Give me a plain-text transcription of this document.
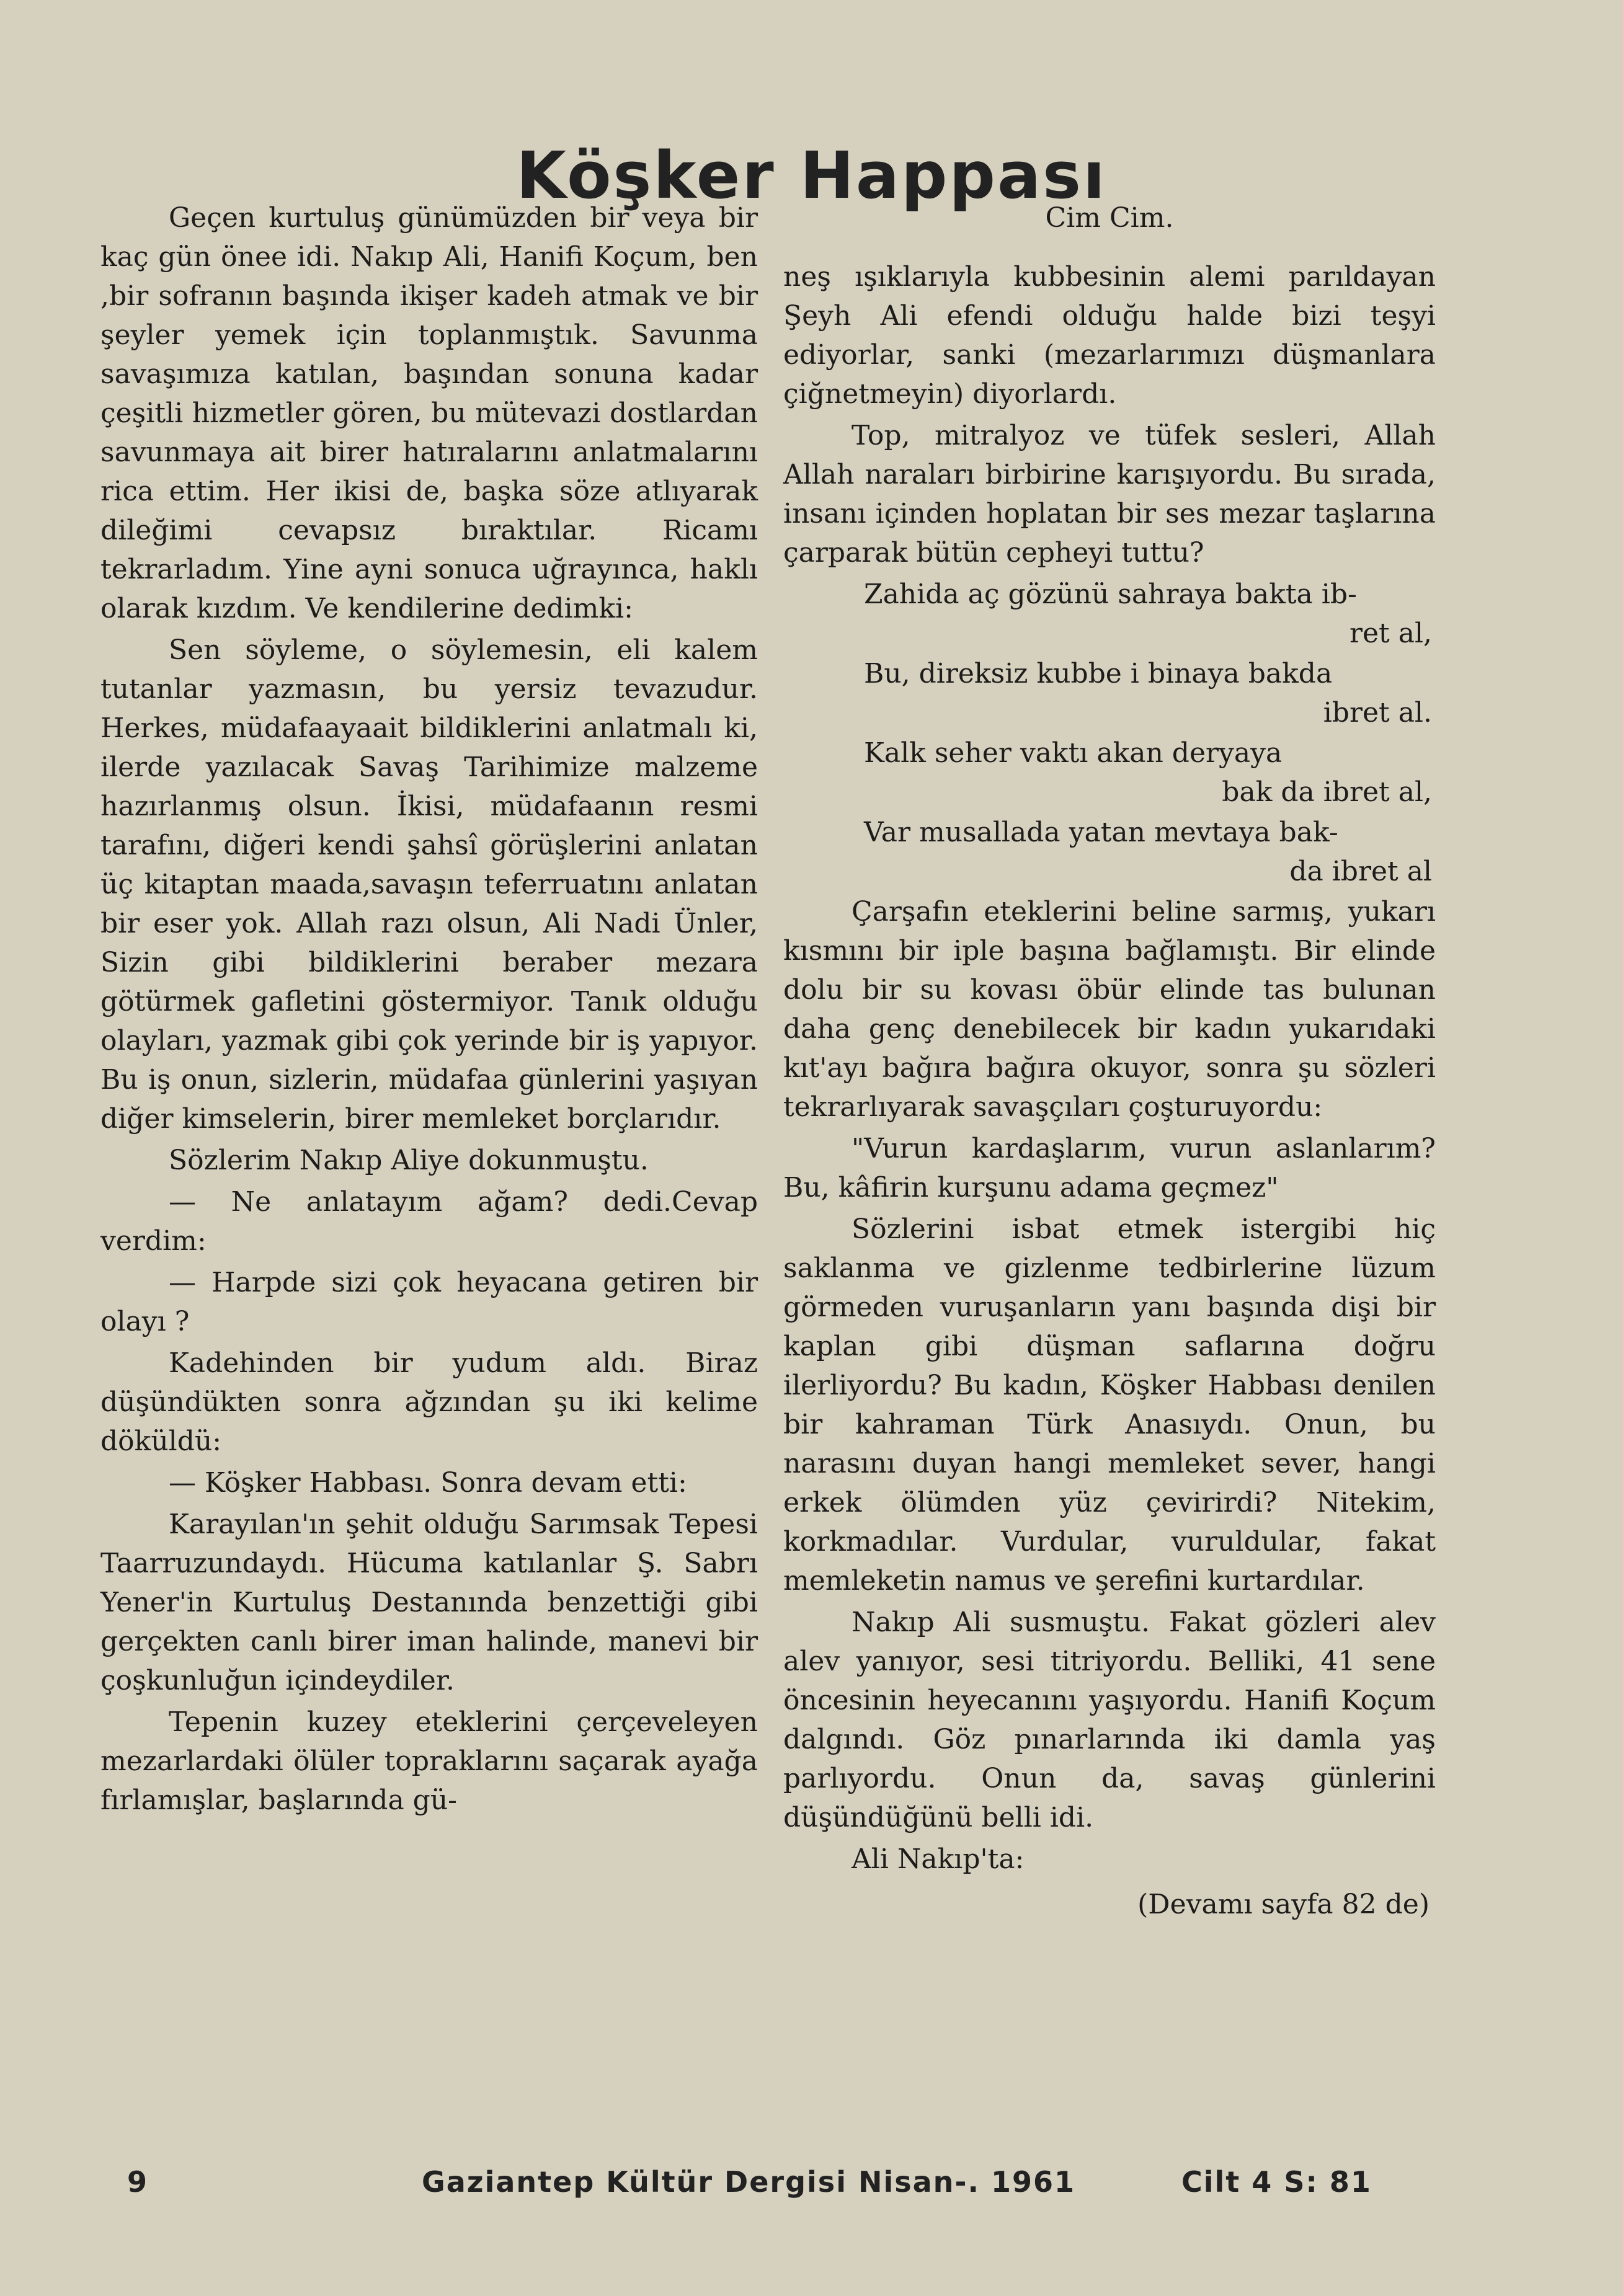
Köşker Happası

Geçen kurtuluş günümüzden bir veya bir kaç gün önee idi. Nakıp Ali, Hanifi Koçum, ben ,bir sofranın başında ikişer kadeh atmak ve bir şeyler yemek için toplanmıştık. Savunma savaşımıza katılan, başından sonuna kadar çeşitli hizmetler gören, bu mütevazi dostlardan savunmaya ait birer hatıralarını anlatmalarını rica ettim. Her ikisi de, başka söze atlıyarak dileğimi cevapsız bıraktılar. Ricamı tekrarladım. Yine ayni sonuca uğrayınca, haklı olarak kızdım. Ve kendilerine dedimki:

Sen söyleme, o söylemesin, eli kalem tutanlar yazmasın, bu yersiz tevazudur. Herkes, müdafaayaait bildiklerini anlatmalı ki, ilerde yazılacak Savaş Tarihimize malzeme hazırlanmış olsun. İkisi, müdafaanın resmi tarafını, diğeri kendi şahsî görüşlerini anlatan üç kitaptan maada,savaşın teferruatını anlatan bir eser yok. Allah razı olsun, Ali Nadi Ünler, Sizin gibi bildiklerini beraber mezara götürmek gafletini göstermiyor. Tanık olduğu olayları, yazmak gibi çok yerinde bir iş yapıyor. Bu iş onun, sizlerin, müdafaa günlerini yaşıyan diğer kimselerin, birer memleket borçlarıdır.

Sözlerim Nakıp Aliye dokunmuştu.

— Ne anlatayım ağam? dedi.Cevap verdim:

— Harpde sizi çok heyacana getiren bir olayı ?

Kadehinden bir yudum aldı. Biraz düşündükten sonra ağzından şu iki kelime döküldü:

— Köşker Habbası. Sonra devam etti:

Karayılan'ın şehit olduğu Sarımsak Tepesi Taarruzundaydı. Hücuma katılanlar Ş. Sabrı Yener'in Kurtuluş Destanında benzettiği gibi gerçekten canlı birer iman halinde, manevi bir çoşkunluğun içindeydiler.

Tepenin kuzey eteklerini çerçeveleyen mezarlardaki ölüler topraklarını saçarak ayağa fırlamışlar, başlarında gü-

Cim Cim.

neş ışıklarıyla kubbesinin alemi parıldayan Şeyh Ali efendi olduğu halde bizi teşyi ediyorlar, sanki (mezarlarımızı düşmanlara çiğnetmeyin) diyorlardı.

Top, mitralyoz ve tüfek sesleri, Allah Allah naraları birbirine karışıyordu. Bu sırada, insanı içinden hoplatan bir ses mezar taşlarına çarparak bütün cepheyi tuttu?

Zahida aç gözünü sahraya bakta ib-

ret al,

Bu, direksiz kubbe i binaya bakda

ibret al.

Kalk seher vaktı akan deryaya

bak da ibret al,

Var musallada yatan mevtaya bak-

da ibret al

Çarşafın eteklerini beline sarmış, yukarı kısmını bir iple başına bağlamıştı. Bir elinde dolu bir su kovası öbür elinde tas bulunan daha genç denebilecek bir kadın yukarıdaki kıt'ayı bağıra bağıra okuyor, sonra şu sözleri tekrarlıyarak savaşçıları çoşturuyordu:

"Vurun kardaşlarım, vurun aslanlarım? Bu, kâfirin kurşunu adama geçmez"

Sözlerini isbat etmek istergibi hiç saklanma ve gizlenme tedbirlerine lüzum görmeden vuruşanların yanı başında dişi bir kaplan gibi düşman saflarına doğru ilerliyordu? Bu kadın, Köşker Habbası denilen bir kahraman Türk Anasıydı. Onun, bu narasını duyan hangi memleket sever, hangi erkek ölümden yüz çevirirdi? Nitekim, korkmadılar. Vurdular, vuruldular, fakat memleketin namus ve şerefini kurtardılar.

Nakıp Ali susmuştu. Fakat gözleri alev alev yanıyor, sesi titriyordu. Belliki, 41 sene öncesinin heyecanını yaşıyordu. Hanifi Koçum dalgındı. Göz pınarlarında iki damla yaş parlıyordu. Onun da, savaş günlerini düşündüğünü belli idi.

Ali Nakıp'ta:

(Devamı sayfa 82 de)

9	Gaziantep Kültür Dergisi Nisan-. 1961	Cilt 4 S: 81
